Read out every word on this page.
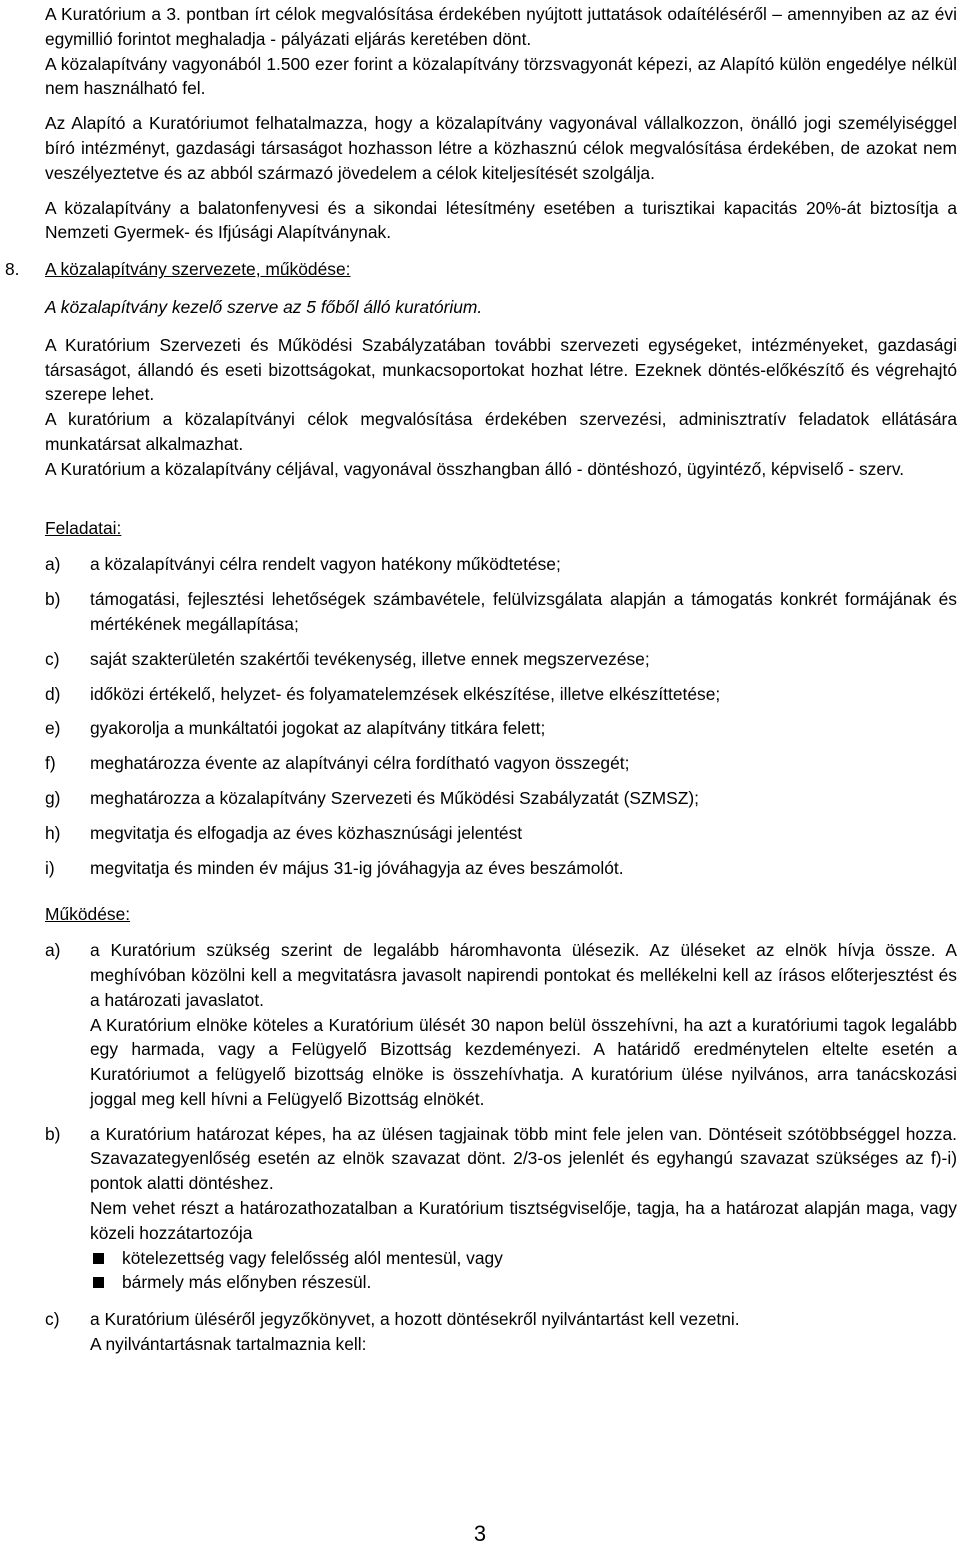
A Kuratórium a 3. pontban írt célok megvalósítása érdekében nyújtott juttatások odaítéléséről – amennyiben az az évi egymillió forintot meghaladja - pályázati eljárás keretében dönt.

A közalapítvány vagyonából 1.500 ezer forint a közalapítvány törzsvagyonát képezi, az Alapító külön engedélye nélkül nem használható fel.

Az Alapító a Kuratóriumot felhatalmazza, hogy a közalapítvány vagyonával vállalkozzon, önálló jogi személyiséggel bíró intézményt, gazdasági társaságot hozhasson létre a közhasznú célok megvalósítása érdekében, de azokat nem veszélyeztetve és az abból származó jövedelem a célok kiteljesítését szolgálja.

A közalapítvány a balatonfenyvesi és a sikondai létesítmény esetében a turisztikai kapacitás 20%-át biztosítja a Nemzeti Gyermek- és Ifjúsági Alapítványnak.

8.	A közalapítvány szervezete, működése:

A közalapítvány kezelő szerve az 5 főből álló kuratórium.

A Kuratórium Szervezeti és Működési Szabályzatában további szervezeti egységeket, intézményeket, gazdasági társaságot, állandó és eseti bizottságokat, munkacsoportokat hozhat létre. Ezeknek döntés-előkészítő és végrehajtó szerepe lehet.

A kuratórium a közalapítványi célok megvalósítása érdekében szervezési, adminisztratív feladatok ellátására munkatársat alkalmazhat.

A Kuratórium a közalapítvány céljával, vagyonával összhangban álló - döntéshozó, ügyintéző, képviselő - szerv.

Feladatai:

a)	a közalapítványi célra rendelt vagyon hatékony működtetése;
b)	támogatási, fejlesztési lehetőségek számbavétele, felülvizsgálata alapján a támogatás konkrét formájának és mértékének megállapítása;
c)	saját szakterületén szakértői tevékenység, illetve ennek megszervezése;
d)	időközi értékelő, helyzet- és folyamatelemzések elkészítése, illetve elkészíttetése;
e)	gyakorolja a munkáltatói jogokat az alapítvány titkára felett;
f)	meghatározza évente az alapítványi célra fordítható vagyon összegét;
g)	meghatározza a közalapítvány Szervezeti és Működési Szabályzatát (SZMSZ);
h)	megvitatja és elfogadja az éves közhasznúsági jelentést
i)	megvitatja és minden év május 31-ig jóváhagyja az éves beszámolót.

Működése:

a)	a Kuratórium szükség szerint de legalább háromhavonta ülésezik. Az üléseket az elnök hívja össze. A meghívóban közölni kell a megvitatásra javasolt napirendi pontokat és mellékelni kell az írásos előterjesztést és a határozati javaslatot.

A Kuratórium elnöke köteles a Kuratórium ülését 30 napon belül összehívni, ha azt a kuratóriumi tagok legalább egy harmada, vagy a Felügyelő Bizottság kezdeményezi. A határidő eredménytelen eltelte esetén a Kuratóriumot a felügyelő bizottság elnöke is összehívhatja. A kuratórium ülése nyilvános, arra tanácskozási joggal meg kell hívni a Felügyelő Bizottság elnökét.

b)	a Kuratórium határozat képes, ha az ülésen tagjainak több mint fele jelen van. Döntéseit szótöbbséggel hozza. Szavazategyenlőség esetén az elnök szavazat dönt. 2/3-os jelenlét és egyhangú szavazat szükséges az f)-i) pontok alatti döntéshez.

Nem vehet részt a határozathozatalban a Kuratórium tisztségviselője, tagja, ha a határozat alapján maga, vagy közeli hozzátartozója

kötelezettség vagy felelősség alól mentesül, vagy
bármely más előnyben részesül.
c)	a Kuratórium üléséről jegyzőkönyvet, a hozott döntésekről nyilvántartást kell vezetni.

A nyilvántartásnak tartalmaznia kell:

3
